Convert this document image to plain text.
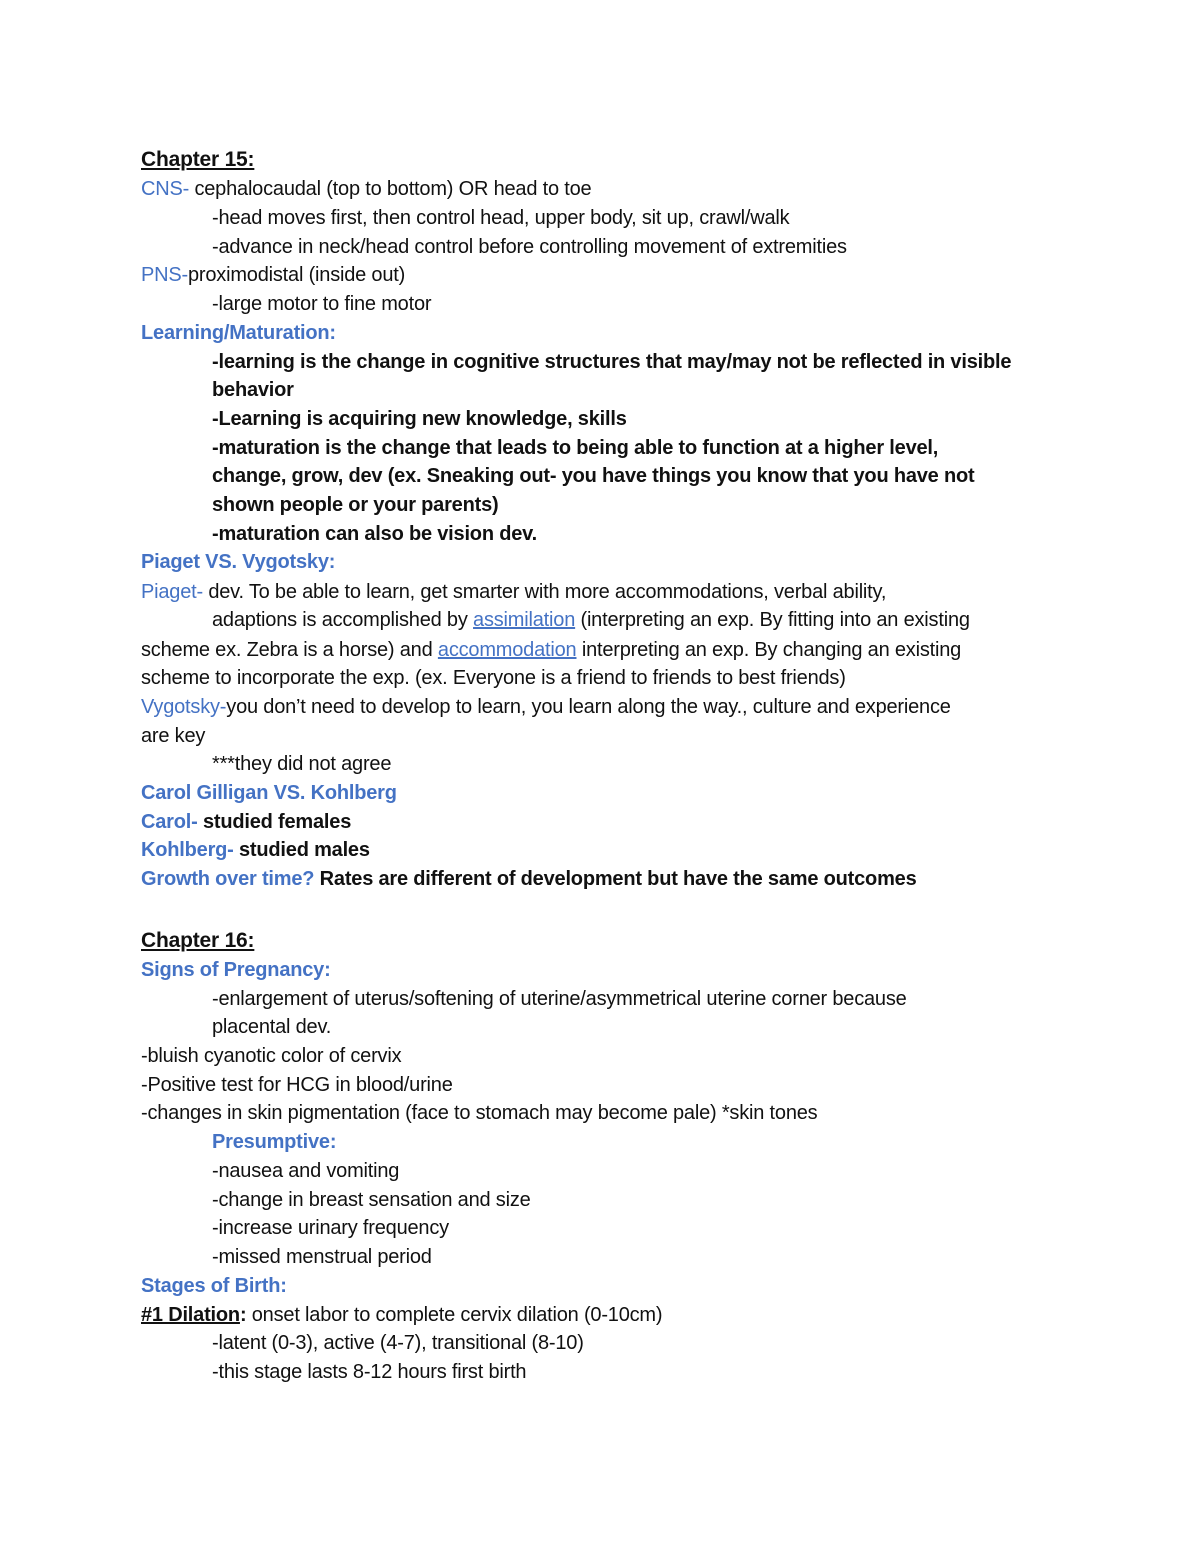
Chapter 15:
CNS- cephalocaudal (top to bottom) OR head to toe
-head moves first, then control head, upper body, sit up, crawl/walk
-advance in neck/head control before controlling movement of extremities
PNS-proximodistal (inside out)
-large motor to fine motor
Learning/Maturation:
-learning is the change in cognitive structures that may/may not be reflected in visible
behavior
-Learning is acquiring new knowledge, skills
-maturation is the change that leads to being able to function at a higher level,
change, grow, dev (ex. Sneaking out- you have things you know that you have not
shown people or your parents)
-maturation can also be vision dev.
Piaget VS. Vygotsky:
Piaget- dev. To be able to learn, get smarter with more accommodations, verbal ability,
adaptions is accomplished by assimilation (interpreting an exp. By fitting into an existing
scheme ex. Zebra is a horse) and accommodation interpreting an exp. By changing an existing
scheme to incorporate the exp. (ex. Everyone is a friend to friends to best friends)
Vygotsky-you don’t need to develop to learn, you learn along the way., culture and experience
are key
***they did not agree
Carol Gilligan VS. Kohlberg
Carol- studied females
Kohlberg- studied males
Growth over time? Rates are different of development but have the same outcomes
Chapter 16:
Signs of Pregnancy:
-enlargement of uterus/softening of uterine/asymmetrical uterine corner because
placental dev.
-bluish cyanotic color of cervix
-Positive test for HCG in blood/urine
-changes in skin pigmentation (face to stomach may become pale) *skin tones
Presumptive:
-nausea and vomiting
-change in breast sensation and size
-increase urinary frequency
-missed menstrual period
Stages of Birth:
#1 Dilation: onset labor to complete cervix dilation (0-10cm)
-latent (0-3), active (4-7), transitional (8-10)
-this stage lasts 8-12 hours first birth
